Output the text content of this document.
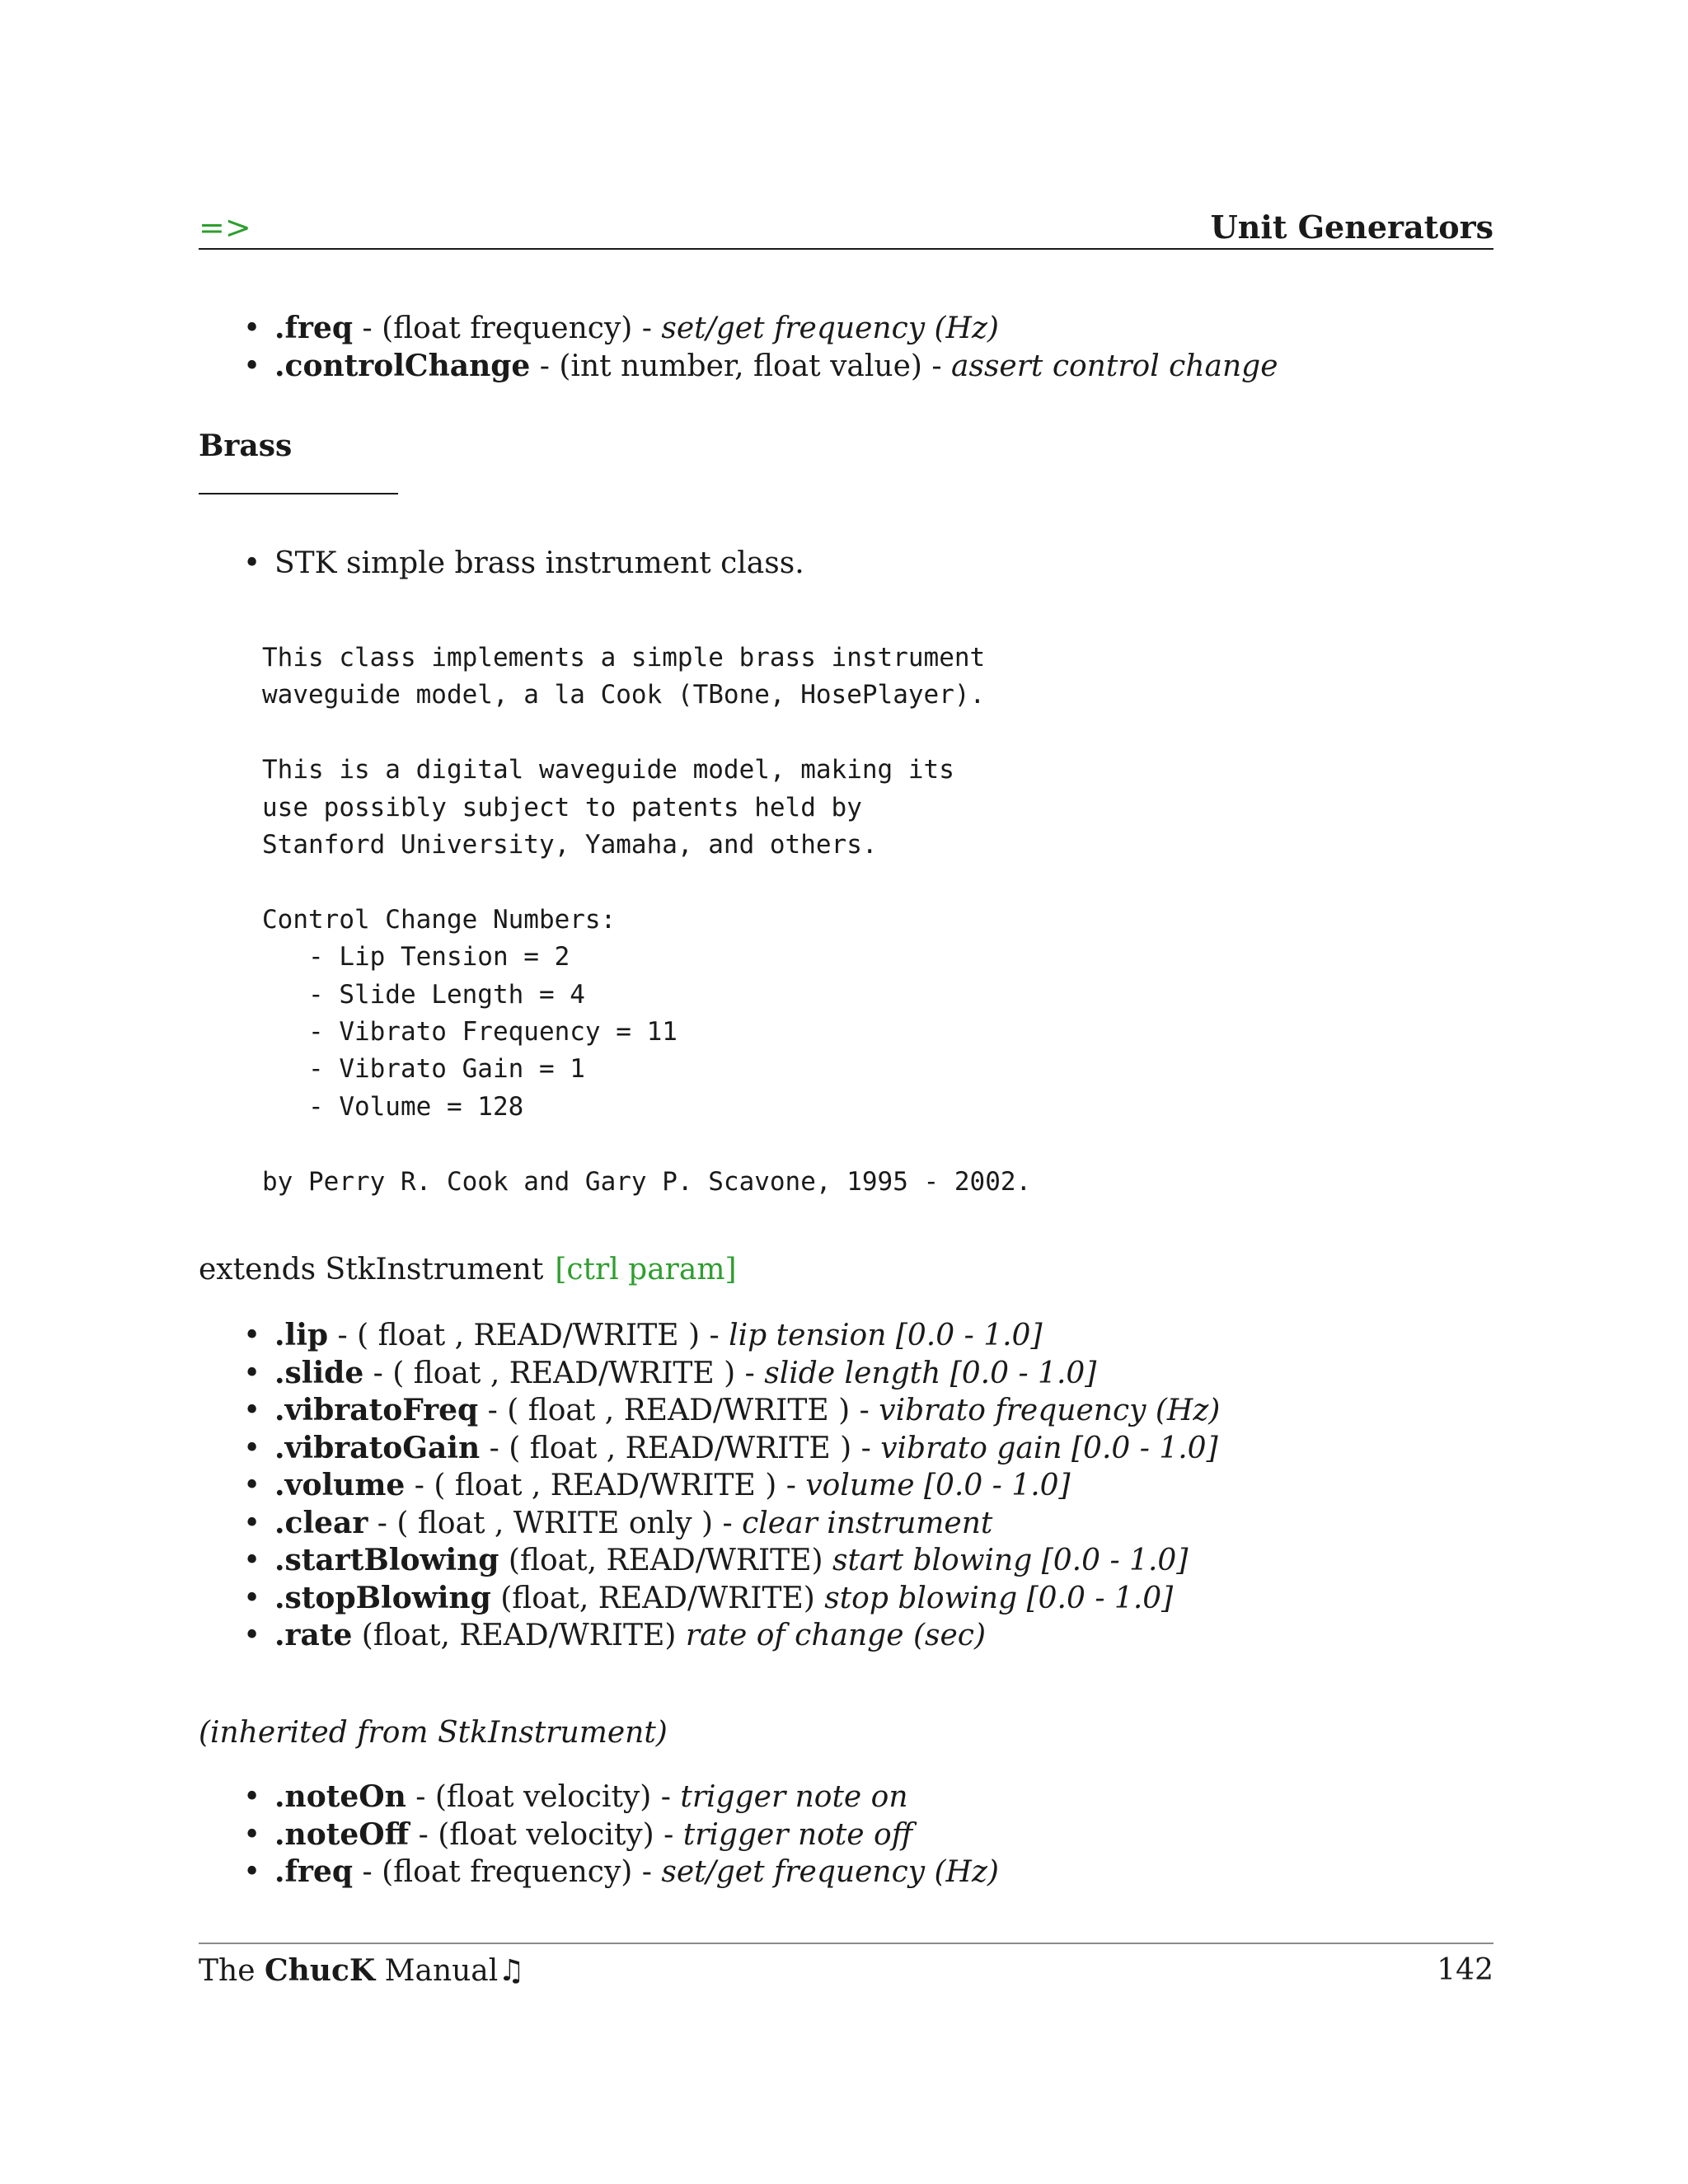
=>	Unit Generators
• .freq - (float frequency) - set/get frequency (Hz)
• .controlChange - (int number, float value) - assert control change
Brass
• STK simple brass instrument class.
This class implements a simple brass instrument
waveguide model, a la Cook (TBone, HosePlayer).

This is a digital waveguide model, making its
use possibly subject to patents held by
Stanford University, Yamaha, and others.

Control Change Numbers:
- Lip Tension = 2
- Slide Length = 4
- Vibrato Frequency = 11
- Vibrato Gain = 1
- Volume = 128

by Perry R. Cook and Gary P. Scavone, 1995 - 2002.
extends StkInstrument [ctrl param]
• .lip - ( float , READ/WRITE ) - lip tension [0.0 - 1.0]
• .slide - ( float , READ/WRITE ) - slide length [0.0 - 1.0]
• .vibratoFreq - ( float , READ/WRITE ) - vibrato frequency (Hz)
• .vibratoGain - ( float , READ/WRITE ) - vibrato gain [0.0 - 1.0]
• .volume - ( float , READ/WRITE ) - volume [0.0 - 1.0]
• .clear - ( float , WRITE only ) - clear instrument
• .startBlowing (float, READ/WRITE) start blowing [0.0 - 1.0]
• .stopBlowing (float, READ/WRITE) stop blowing [0.0 - 1.0]
• .rate (float, READ/WRITE) rate of change (sec)
(inherited from StkInstrument)
• .noteOn - (float velocity) - trigger note on
• .noteOff - (float velocity) - trigger note off
• .freq - (float frequency) - set/get frequency (Hz)
The ChucK Manual♫	142
